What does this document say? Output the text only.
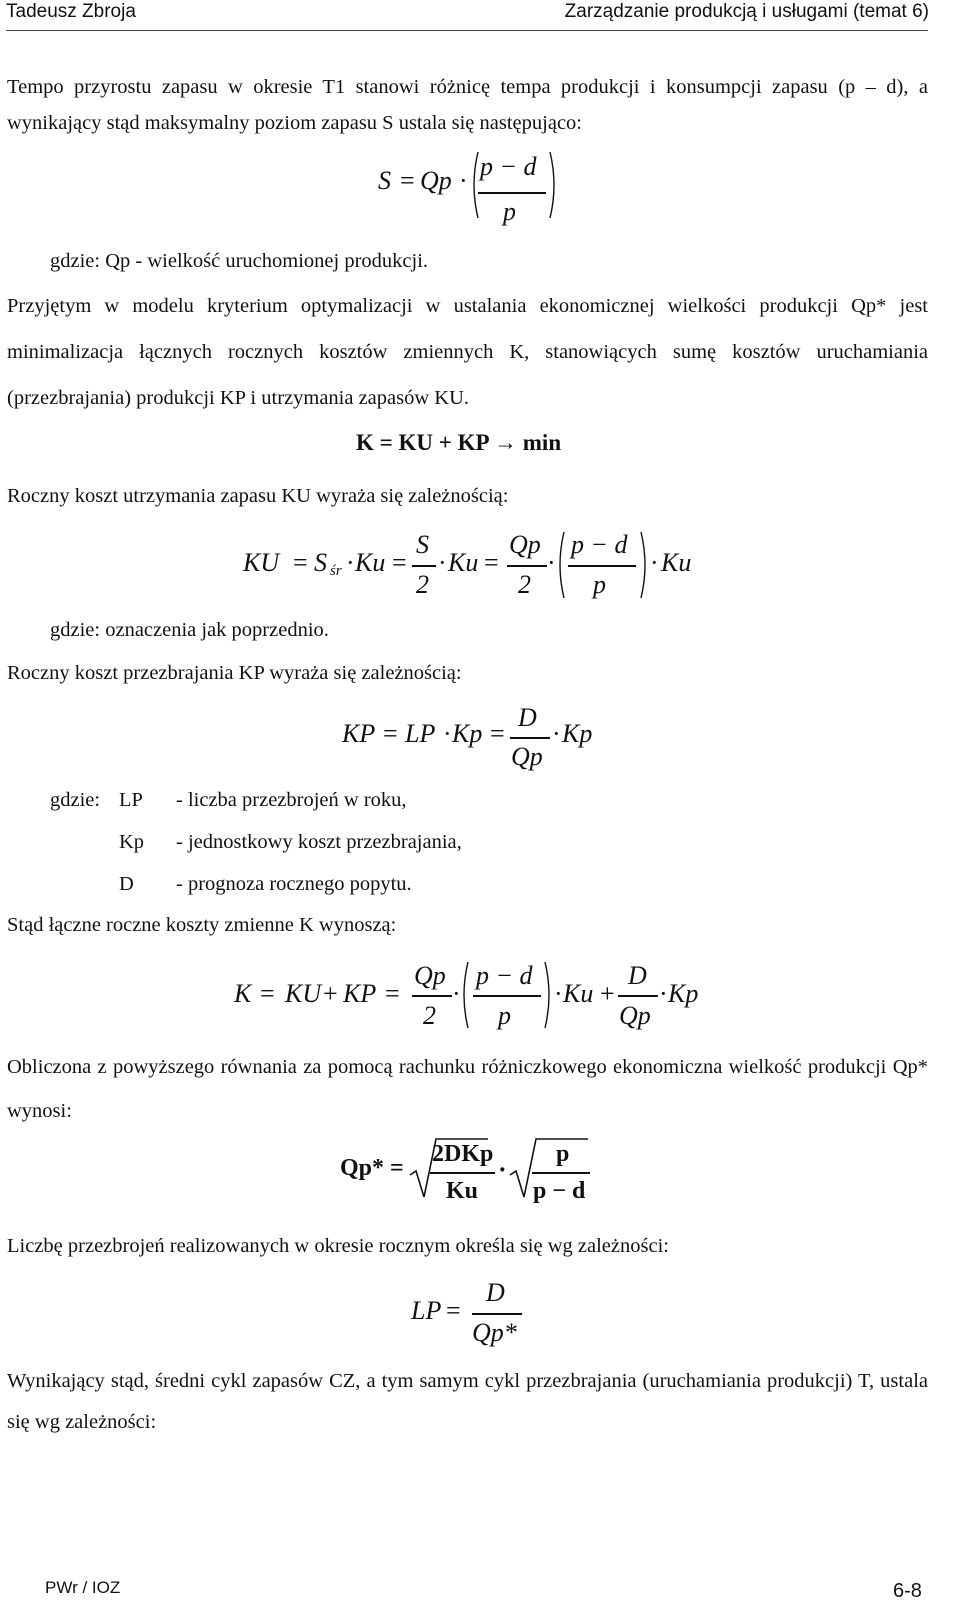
Tadeusz Zbroja	Zarządzanie produkcją i usługami (temat 6)
Tempo przyrostu zapasu w okresie T1 stanowi różnicę tempa produkcji i konsumpcji zapasu (p – d), a wynikający stąd maksymalny poziom zapasu S ustala się następująco:
S = Qp · p − d
p
gdzie: Qp - wielkość uruchomionej produkcji.
Przyjętym w modelu kryterium optymalizacji w ustalania ekonomicznej wielkości produkcji Qp* jest minimalizacja łącznych rocznych kosztów zmiennych K, stanowiących sumę kosztów uruchamiania (przezbrajania) produkcji KP i utrzymania zapasów KU.
K = KU + KP → min
Roczny koszt utrzymania zapasu KU wyraża się zależnością:
KU = S śr · Ku =
S
2
· Ku =
Qp
2
·
p − d
p
· Ku
gdzie: oznaczenia jak poprzednio.
Roczny koszt przezbrajania KP wyraża się zależnością:
KP = LP · Kp =
D
Qp
· Kp
gdzie: LP - liczba przezbrojeń w roku,
Kp - jednostkowy koszt przezbrajania,
D - prognoza rocznego popytu.
Stąd łączne roczne koszty zmienne K wynoszą:
K = KU + KP =
Qp
2
·
p − d
p
· Ku +
D
Qp
· Kp
Obliczona z powyższego równania za pomocą rachunku różniczkowego ekonomiczna wielkość produkcji Qp* wynosi:
Qp* =
2DKp
Ku
·
p
p − d
Liczbę przezbrojeń realizowanych w okresie rocznym określa się wg zależności:
LP =
D
Qp*
Wynikający stąd, średni cykl zapasów CZ, a tym samym cykl przezbrajania (uruchamiania produkcji) T, ustala się wg zależności:
PWr / IOZ	6-8
